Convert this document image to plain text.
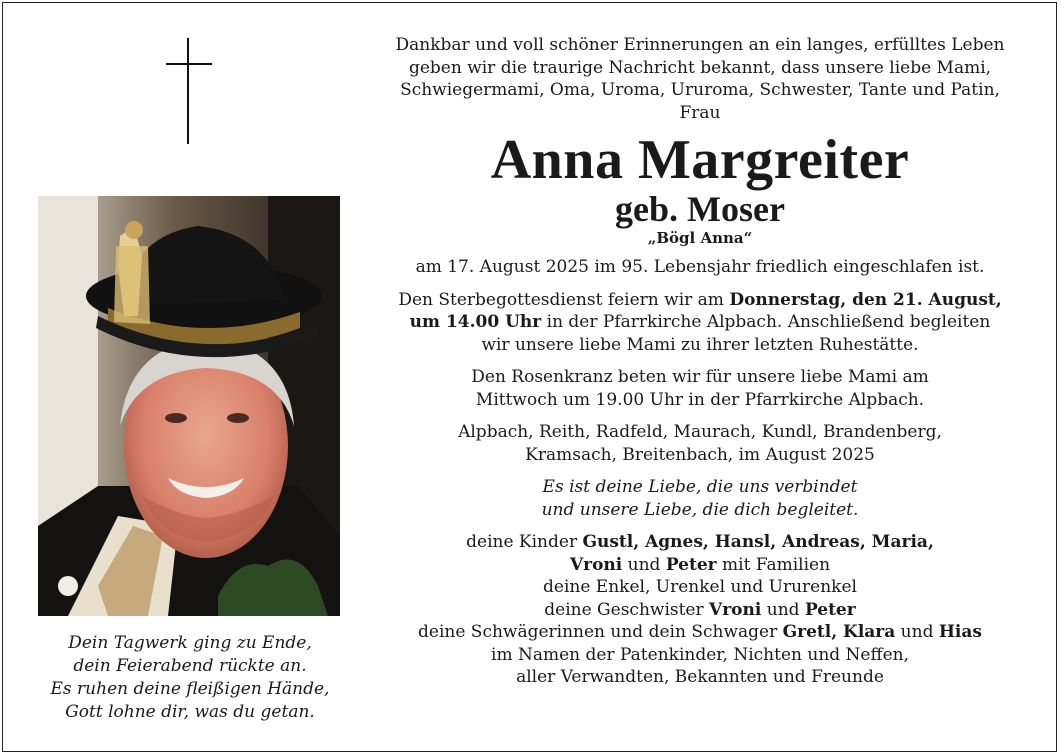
Dein Tagwerk ging zu Ende,
dein Feierabend rückte an.
Es ruhen deine fleißigen Hände,
Gott lohne dir, was du getan.
Dankbar und voll schöner Erinnerungen an ein langes, erfülltes Leben
geben wir die traurige Nachricht bekannt, dass unsere liebe Mami,
Schwiegermami, Oma, Uroma, Ururoma, Schwester, Tante und Patin,
Frau
Anna Margreiter
geb. Moser
„Bögl Anna“
am 17. August 2025 im 95. Lebensjahr friedlich eingeschlafen ist.
Den Sterbegottesdienst feiern wir am Donnerstag, den 21. August,
um 14.00 Uhr in der Pfarrkirche Alpbach. Anschließend begleiten
wir unsere liebe Mami zu ihrer letzten Ruhestätte.
Den Rosenkranz beten wir für unsere liebe Mami am
Mittwoch um 19.00 Uhr in der Pfarrkirche Alpbach.
Alpbach, Reith, Radfeld, Maurach, Kundl, Brandenberg,
Kramsach, Breitenbach, im August 2025
Es ist deine Liebe, die uns verbindet
und unsere Liebe, die dich begleitet.
deine Kinder Gustl, Agnes, Hansl, Andreas, Maria,
Vroni und Peter mit Familien
deine Enkel, Urenkel und Ururenkel
deine Geschwister Vroni und Peter
deine Schwägerinnen und dein Schwager Gretl, Klara und Hias
im Namen der Patenkinder, Nichten und Neffen,
aller Verwandten, Bekannten und Freunde
